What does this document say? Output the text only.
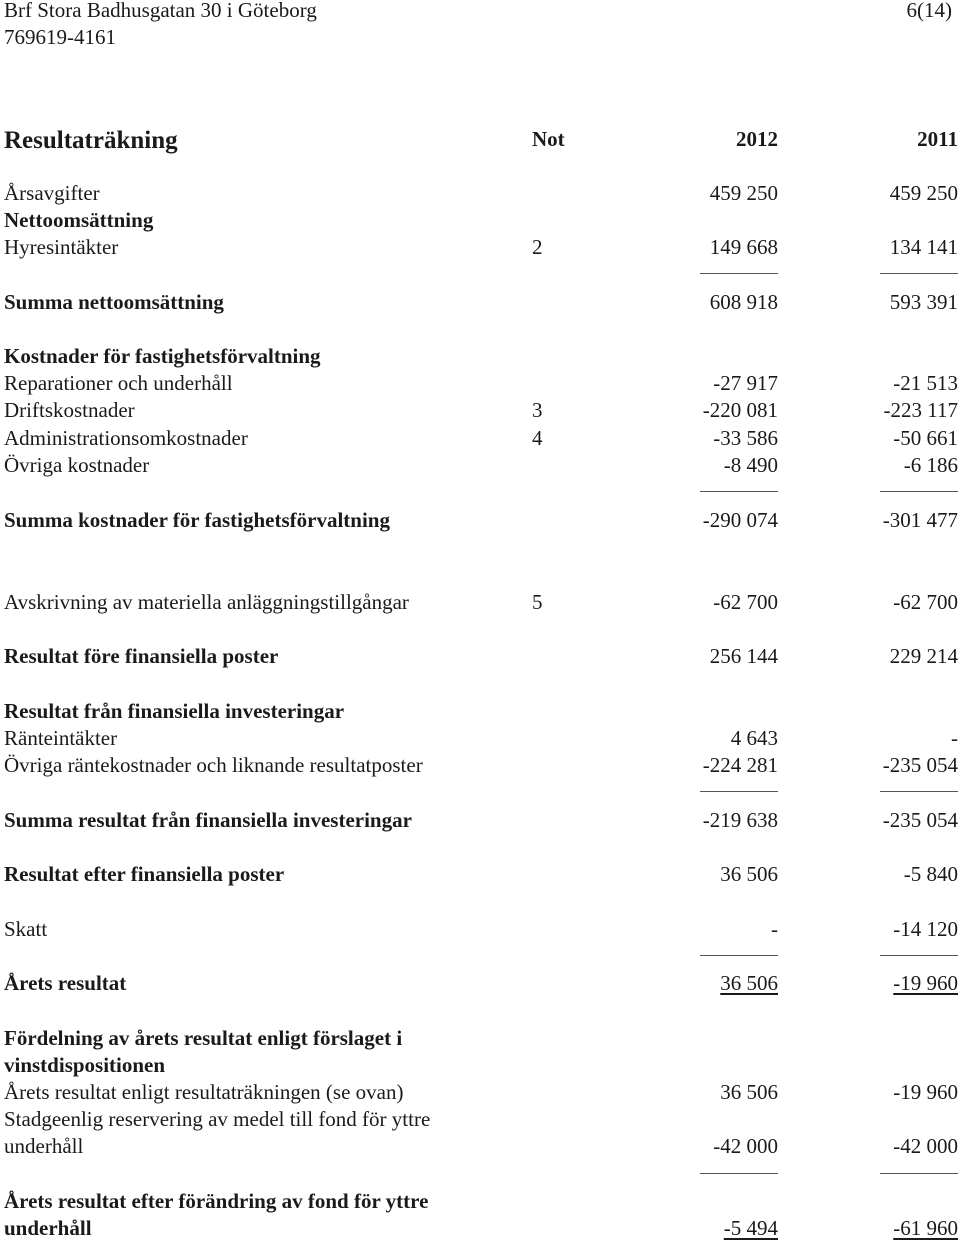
Brf Stora Badhusgatan 30 i Göteborg
769619-4161
6(14)
Resultaträkning	Not	2012	2011
Årsavgifter	459 250	459 250
Nettoomsättning
Hyresintäkter	2	149 668	134 141
Summa nettoomsättning	608 918	593 391
Kostnader för fastighetsförvaltning
Reparationer och underhåll	-27 917	-21 513
Driftskostnader	3	-220 081	-223 117
Administrationsomkostnader	4	-33 586	-50 661
Övriga kostnader	-8 490	-6 186
Summa kostnader för fastighetsförvaltning	-290 074	-301 477
Avskrivning av materiella anläggningstillgångar	5	-62 700	-62 700
Resultat före finansiella poster	256 144	229 214
Resultat från finansiella investeringar
Ränteintäkter	4 643	-
Övriga räntekostnader och liknande resultatposter	-224 281	-235 054
Summa resultat från finansiella investeringar	-219 638	-235 054
Resultat efter finansiella poster	36 506	-5 840
Skatt	-	-14 120
Årets resultat	36 506	-19 960
Fördelning av årets resultat enligt förslaget i
vinstdispositionen
Årets resultat enligt resultaträkningen (se ovan)	36 506	-19 960
Stadgeenlig reservering av medel till fond för yttre
underhåll	-42 000	-42 000
Årets resultat efter förändring av fond för yttre
underhåll	-5 494	-61 960
